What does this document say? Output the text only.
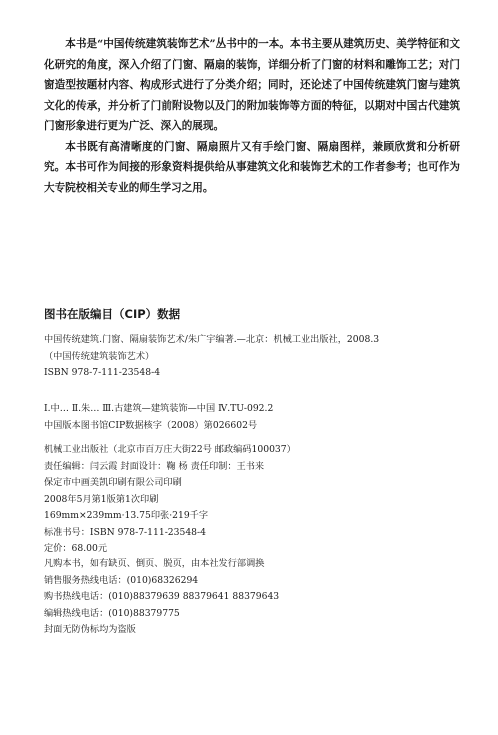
本书是“中国传统建筑装饰艺术”丛书中的一本。本书主要从建筑历史、美学特征和文化研究的角度，深入介绍了门窗、隔扇的装饰，详细分析了门窗的材料和雕饰工艺；对门窗造型按题材内容、构成形式进行了分类介绍；同时，还论述了中国传统建筑门窗与建筑文化的传承，并分析了门前附设物以及门的附加装饰等方面的特征，以期对中国古代建筑门窗形象进行更为广泛、深入的展现。

本书既有高清晰度的门窗、隔扇照片又有手绘门窗、隔扇图样，兼顾欣赏和分析研究。本书可作为间接的形象资料提供给从事建筑文化和装饰艺术的工作者参考；也可作为大专院校相关专业的师生学习之用。

图书在版编目（CIP）数据
中国传统建筑.门窗、隔扇装饰艺术/朱广宇编著.—北京：机械工业出版社，2008.3
（中国传统建筑装饰艺术）
ISBN 978-7-111-23548-4
Ⅰ.中… Ⅱ.朱… Ⅲ.古建筑—建筑装饰—中国 Ⅳ.TU-092.2
中国版本图书馆CIP数据核字（2008）第026602号
机械工业出版社（北京市百万庄大街22号 邮政编码100037）
责任编辑：闫云霞 封面设计：鞠 杨 责任印制：王书来
保定市中画美凯印刷有限公司印刷
2008年5月第1版第1次印刷
169mm×239mm·13.75印张·219千字
标准书号：ISBN 978-7-111-23548-4
定价：68.00元
凡购本书，如有缺页、倒页、脱页，由本社发行部调换
销售服务热线电话：(010)68326294
购书热线电话：(010)88379639 88379641 88379643
编辑热线电话：(010)88379775
封面无防伪标均为盗版
